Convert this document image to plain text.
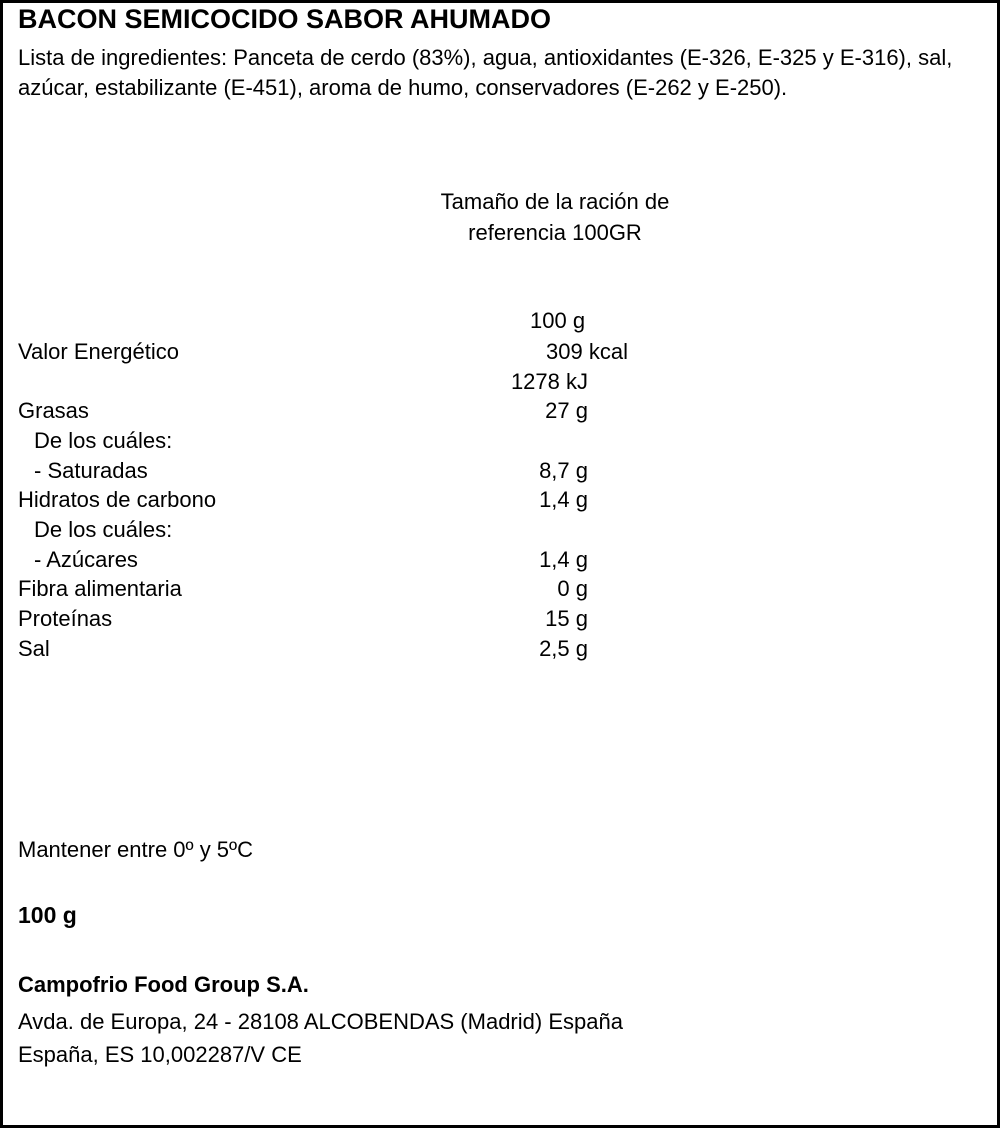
BACON SEMICOCIDO SABOR AHUMADO
Lista de ingredientes: Panceta de cerdo (83%), agua, antioxidantes (E-326, E-325 y E-316), sal, azúcar, estabilizante (E-451), aroma de humo, conservadores (E-262 y E-250).
Tamaño de la ración de referencia 100GR
100 g
Valor Energético	309 kcal
1278 kJ
Grasas	27 g
De los cuáles:
- Saturadas	8,7 g
Hidratos de carbono	1,4 g
De los cuáles:
- Azúcares	1,4 g
Fibra alimentaria	0 g
Proteínas	15 g
Sal	2,5 g
Mantener entre 0º y 5ºC
100 g
Campofrio Food Group S.A.
Avda. de Europa, 24 - 28108 ALCOBENDAS (Madrid) España
España, ES 10,002287/V CE
